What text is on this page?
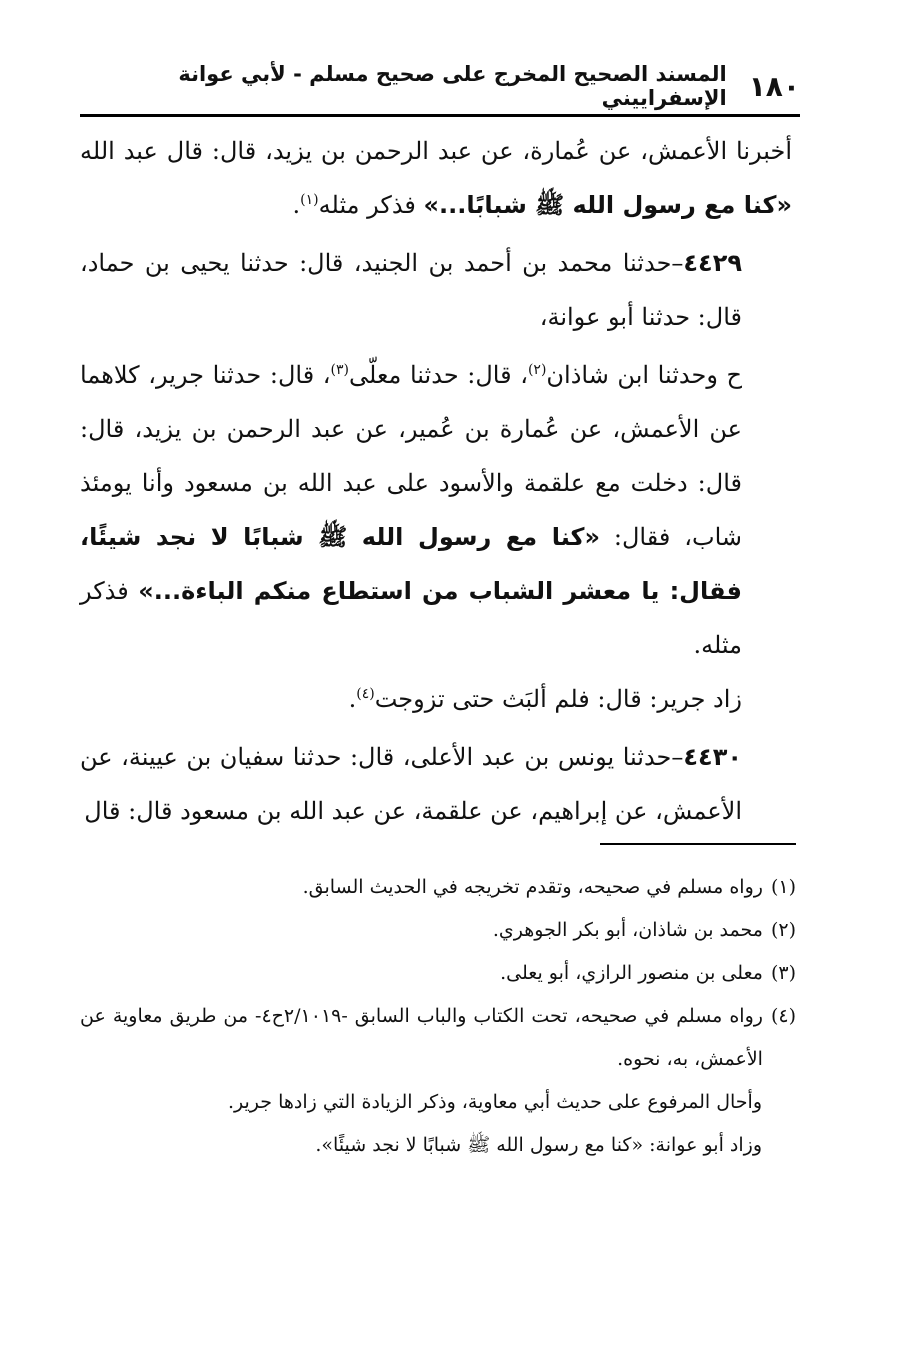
١٨٠
المسند الصحيح المخرج على صحيح مسلم - لأبي عوانة الإسفراييني

أخبرنا الأعمش، عن عُمارة، عن عبد الرحمن بن يزيد، قال: قال عبد الله «كنا مع رسول الله ﷺ شبابًا...» فذكر مثله$^{(١)}$.

٤٤٢٩–حدثنا محمد بن أحمد بن الجنيد، قال: حدثنا يحيى بن حماد، قال: حدثنا أبو عوانة،

ح وحدثنا ابن شاذان$^{(٢)}$، قال: حدثنا معلّى$^{(٣)}$، قال: حدثنا جرير، كلاهما عن الأعمش، عن عُمارة بن عُمير، عن عبد الرحمن بن يزيد، قال: قال: دخلت مع علقمة والأسود على عبد الله بن مسعود وأنا يومئذ شاب، فقال: «كنا مع رسول الله ﷺ شبابًا لا نجد شيئًا، فقال: يا معشر الشباب من استطاع منكم الباءة...» فذكر مثله.

زاد جرير: قال: فلم ألبَث حتى تزوجت$^{(٤)}$.

٤٤٣٠–حدثنا يونس بن عبد الأعلى، قال: حدثنا سفيان بن عيينة، عن الأعمش، عن إبراهيم، عن علقمة، عن عبد الله بن مسعود قال: قال

(١)
رواه مسلم في صحيحه، وتقدم تخريجه في الحديث السابق.
(٢)
محمد بن شاذان، أبو بكر الجوهري.
(٣)
معلى بن منصور الرازي، أبو يعلى.
(٤)
رواه مسلم في صحيحه، تحت الكتاب والباب السابق -٢/١٠١٩ح٤- من طريق معاوية عن الأعمش، به، نحوه.
وأحال المرفوع على حديث أبي معاوية، وذكر الزيادة التي زادها جرير.
وزاد أبو عوانة: «كنا مع رسول الله ﷺ شبابًا لا نجد شيئًا».
